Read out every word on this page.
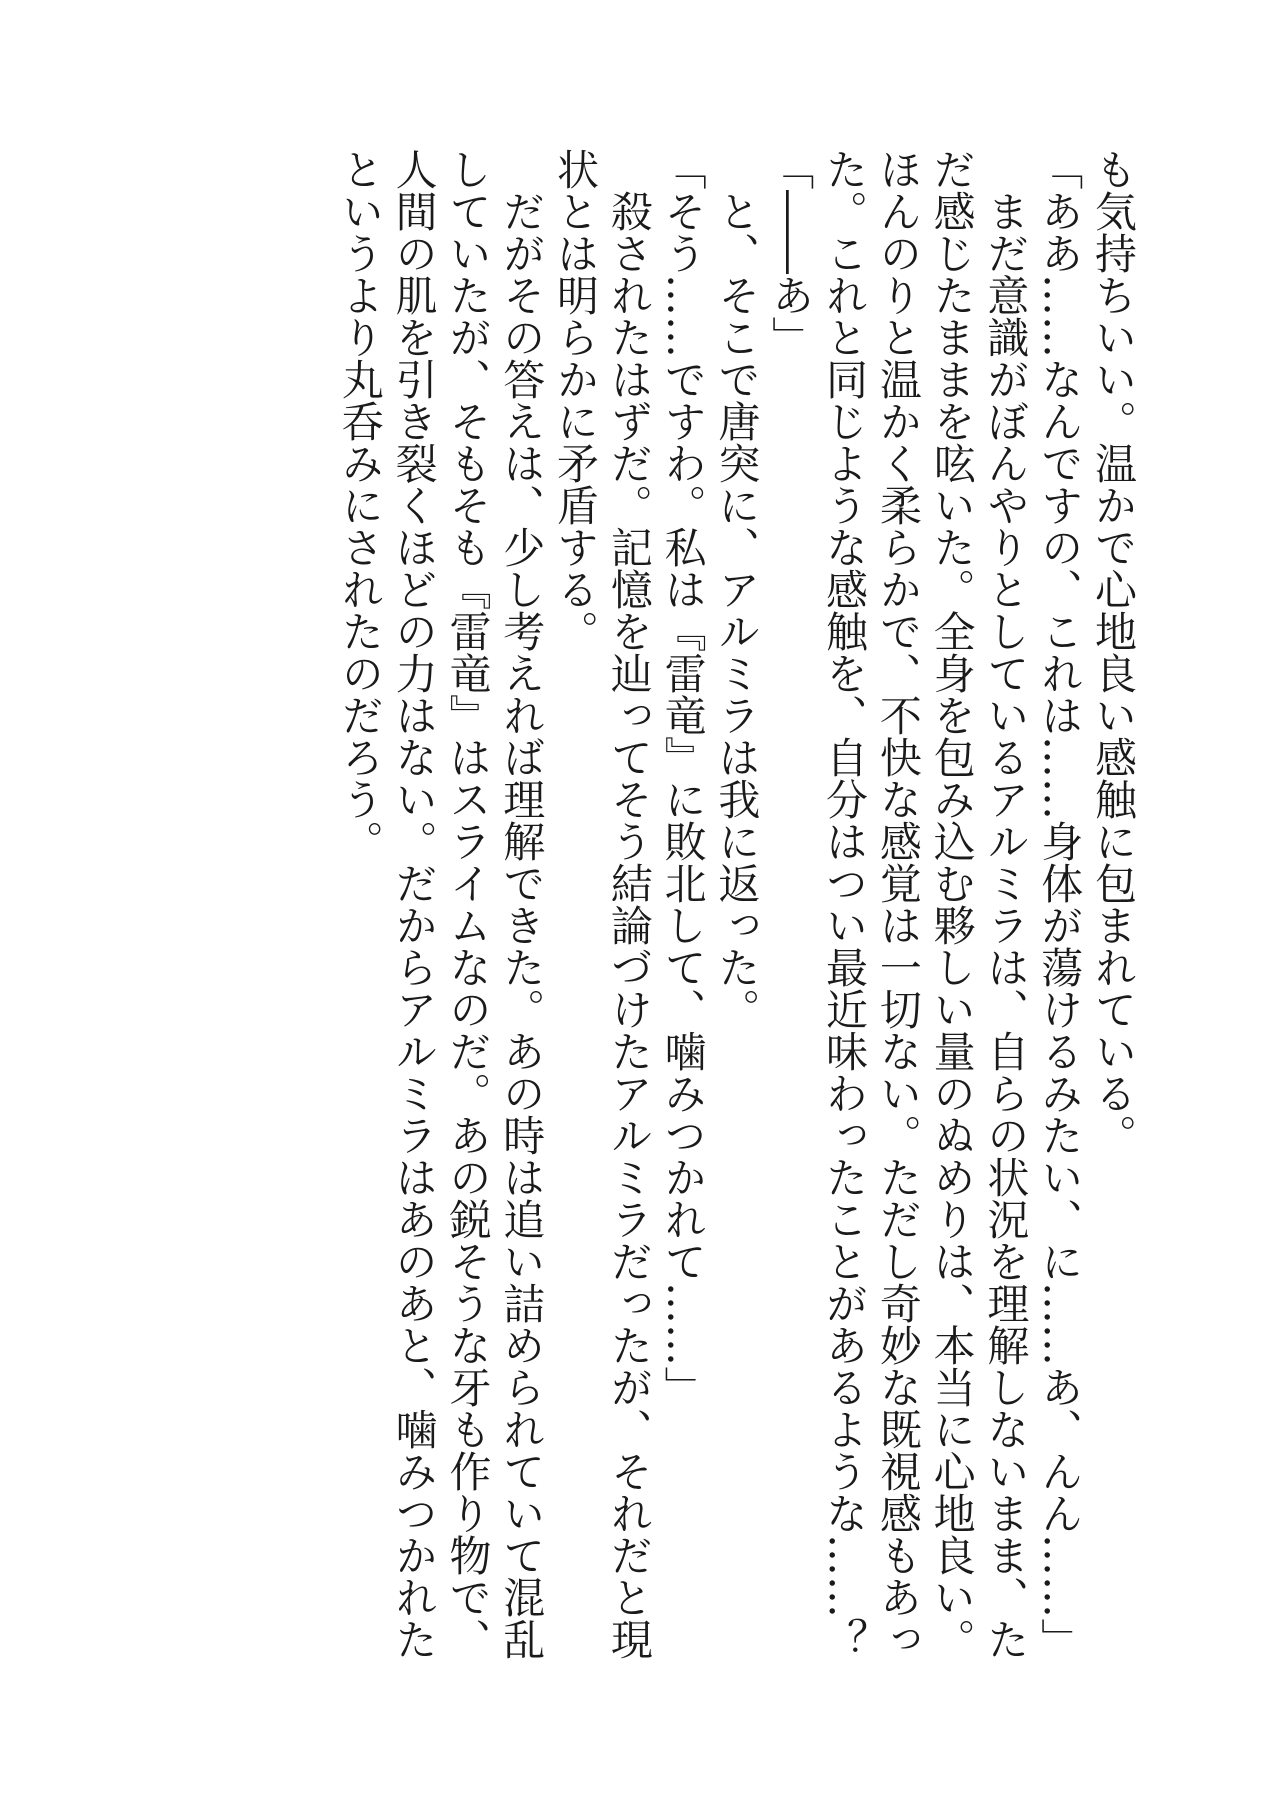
も気持ちいい。温かで心地良い感触に包まれている。
「ああ……なんですの、これは……身体が蕩けるみたい、に……あ、んん……」
　まだ意識がぼんやりとしているアルミラは、自らの状況を理解しないまま、た
だ感じたままを呟いた。全身を包み込む夥しい量のぬめりは、本当に心地良い。
ほんのりと温かく柔らかで、不快な感覚は一切ない。ただし奇妙な既視感もあっ
た。これと同じような感触を、自分はつい最近味わったことがあるような……？
「――あ」
　と、そこで唐突に、アルミラは我に返った。
「そう……ですわ。私は『雷竜』に敗北して、噛みつかれて……」
　殺されたはずだ。記憶を辿ってそう結論づけたアルミラだったが、それだと現
状とは明らかに矛盾する。
　だがその答えは、少し考えれば理解できた。あの時は追い詰められていて混乱
していたが、そもそも『雷竜』はスライムなのだ。あの鋭そうな牙も作り物で、
人間の肌を引き裂くほどの力はない。だからアルミラはあのあと、噛みつかれた
というより丸呑みにされたのだろう。
